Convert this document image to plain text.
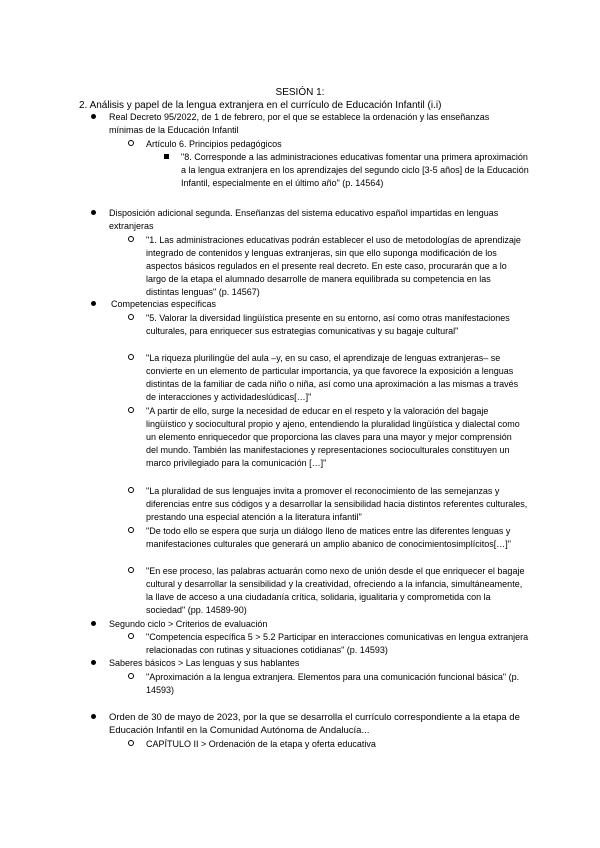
SESIÓN 1:
2. Análisis y papel de la lengua extranjera en el currículo de Educación Infantil (i.i)

Real Decreto 95/2022, de 1 de febrero, por el que se establece la ordenación y las enseñanzas mínimas de la Educación Infantil

Artículo 6. Principios pedagógicos

"8. Corresponde a las administraciones educativas fomentar una primera aproximación a la lengua extranjera en los aprendizajes del segundo ciclo [3-5 años] de la Educación Infantil, especialmente en el último año" (p. 14564)

Disposición adicional segunda. Enseñanzas del sistema educativo español impartidas en lenguas extranjeras

"1. Las administraciones educativas podrán establecer el uso de metodologías de aprendizaje integrado de contenidos y lenguas extranjeras, sin que ello suponga modificación de los aspectos básicos regulados en el presente real decreto. En este caso, procurarán que a lo largo de la etapa el alumnado desarrolle de manera equilibrada su competencia en las distintas lenguas" (p. 14567)

Competencias específicas

"5. Valorar la diversidad lingüística presente en su entorno, así como otras manifestaciones culturales, para enriquecer sus estrategias comunicativas y su bagaje cultural"

"La riqueza plurilingüe del aula –y, en su caso, el aprendizaje de lenguas extranjeras– se convierte en un elemento de particular importancia, ya que favorece la exposición a lenguas distintas de la familiar de cada niño o niña, así como una aproximación a las mismas a través de interacciones y actividadeslúdicas[…]"

"A partir de ello, surge la necesidad de educar en el respeto y la valoración del bagaje lingüístico y sociocultural propio y ajeno, entendiendo la pluralidad lingüística y dialectal como un elemento enriquecedor que proporciona las claves para una mayor y mejor comprensión del mundo. También las manifestaciones y representaciones socioculturales constituyen un marco privilegiado para la comunicación […]"

"La pluralidad de sus lenguajes invita a promover el reconocimiento de las semejanzas y diferencias entre sus códigos y a desarrollar la sensibilidad hacia distintos referentes culturales, prestando una especial atención a la literatura infantil"

"De todo ello se espera que surja un diálogo lleno de matices entre las diferentes lenguas y manifestaciones culturales que generará un amplio abanico de conocimientosimplícitos[…]"

"En ese proceso, las palabras actuarán como nexo de unión desde el que enriquecer el bagaje cultural y desarrollar la sensibilidad y la creatividad, ofreciendo a la infancia, simultáneamente, la llave de acceso a una ciudadanía crítica, solidaria, igualitaria y comprometida con la sociedad" (pp. 14589-90)

Segundo ciclo > Criterios de evaluación

"Competencia específica 5 > 5.2 Participar en interacciones comunicativas en lengua extranjera relacionadas con rutinas y situaciones cotidianas" (p. 14593)

Saberes básicos > Las lenguas y sus hablantes

"Aproximación a la lengua extranjera. Elementos para una comunicación funcional básica" (p. 14593)

Orden de 30 de mayo de 2023, por la que se desarrolla el currículo correspondiente a la etapa de Educación Infantil en la Comunidad Autónoma de Andalucía...

CAPÍTULO II > Ordenación de la etapa y oferta educativa
